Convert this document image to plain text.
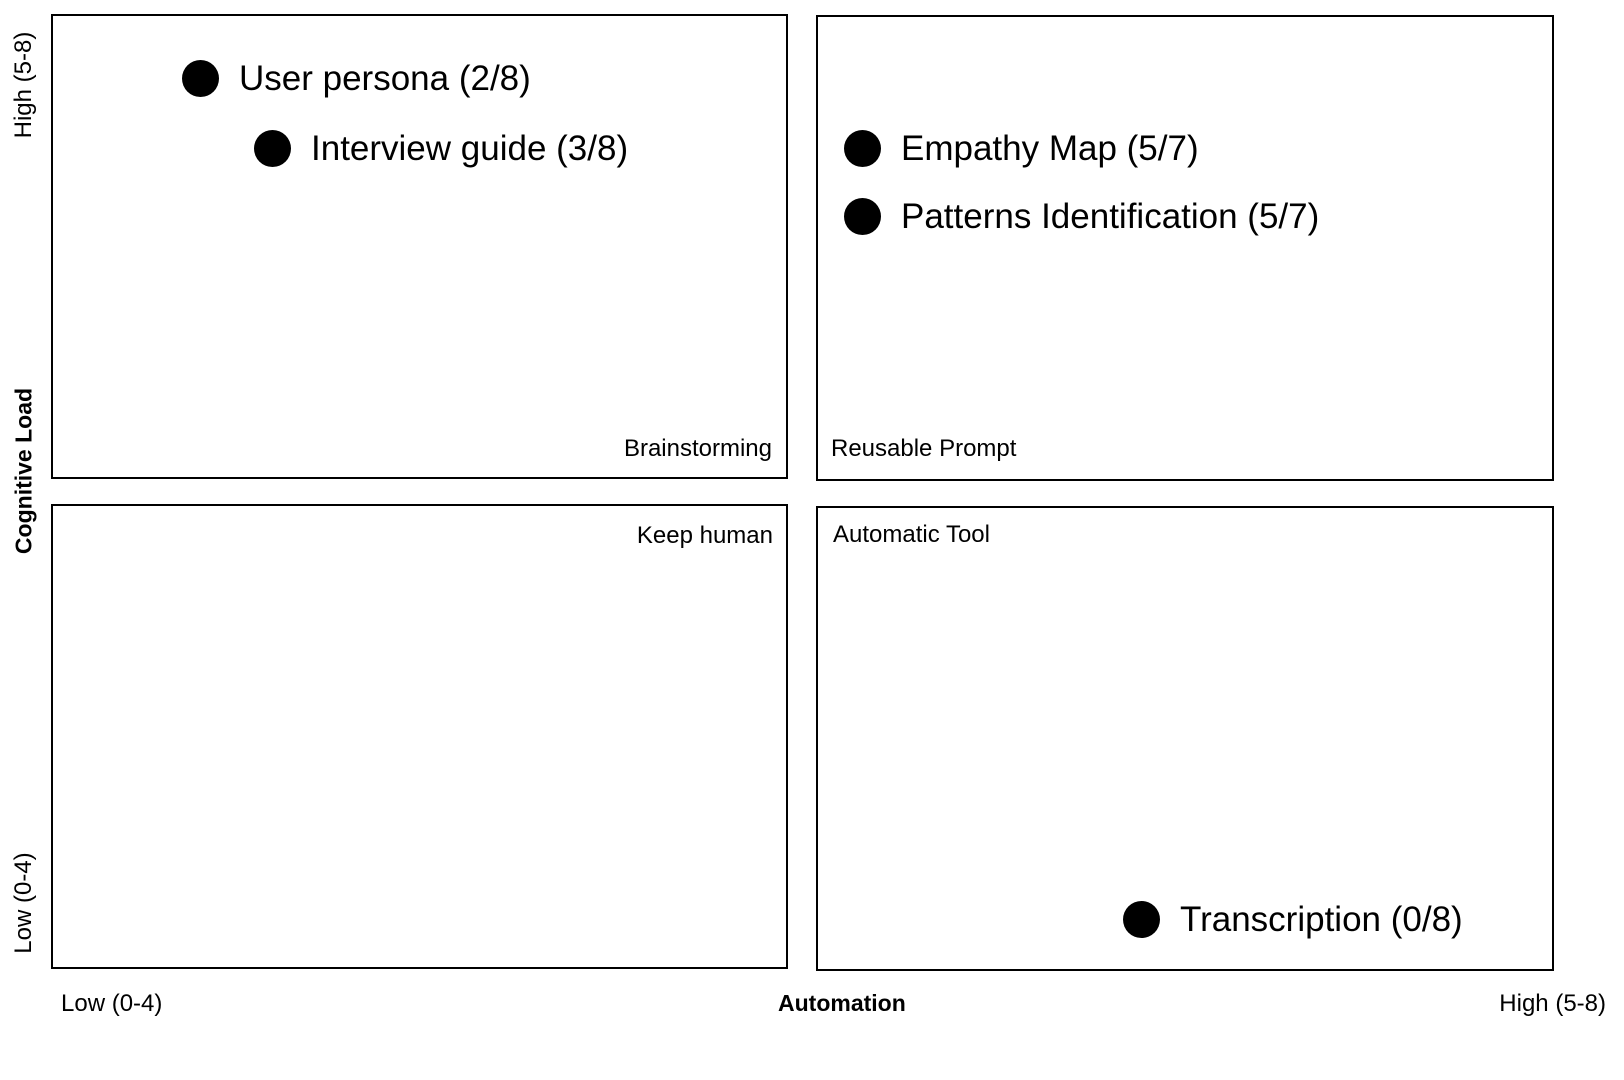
User persona (2/8)
Interview guide (3/8)
Brainstorming
Empathy Map (5/7)
Patterns Identification (5/7)
Reusable Prompt
Keep human	Automatic Tool
Transcription (0/8)
High (5-8)
Cognitive Load
Low (0-4)
Low (0-4)	Automation	High (5-8)
